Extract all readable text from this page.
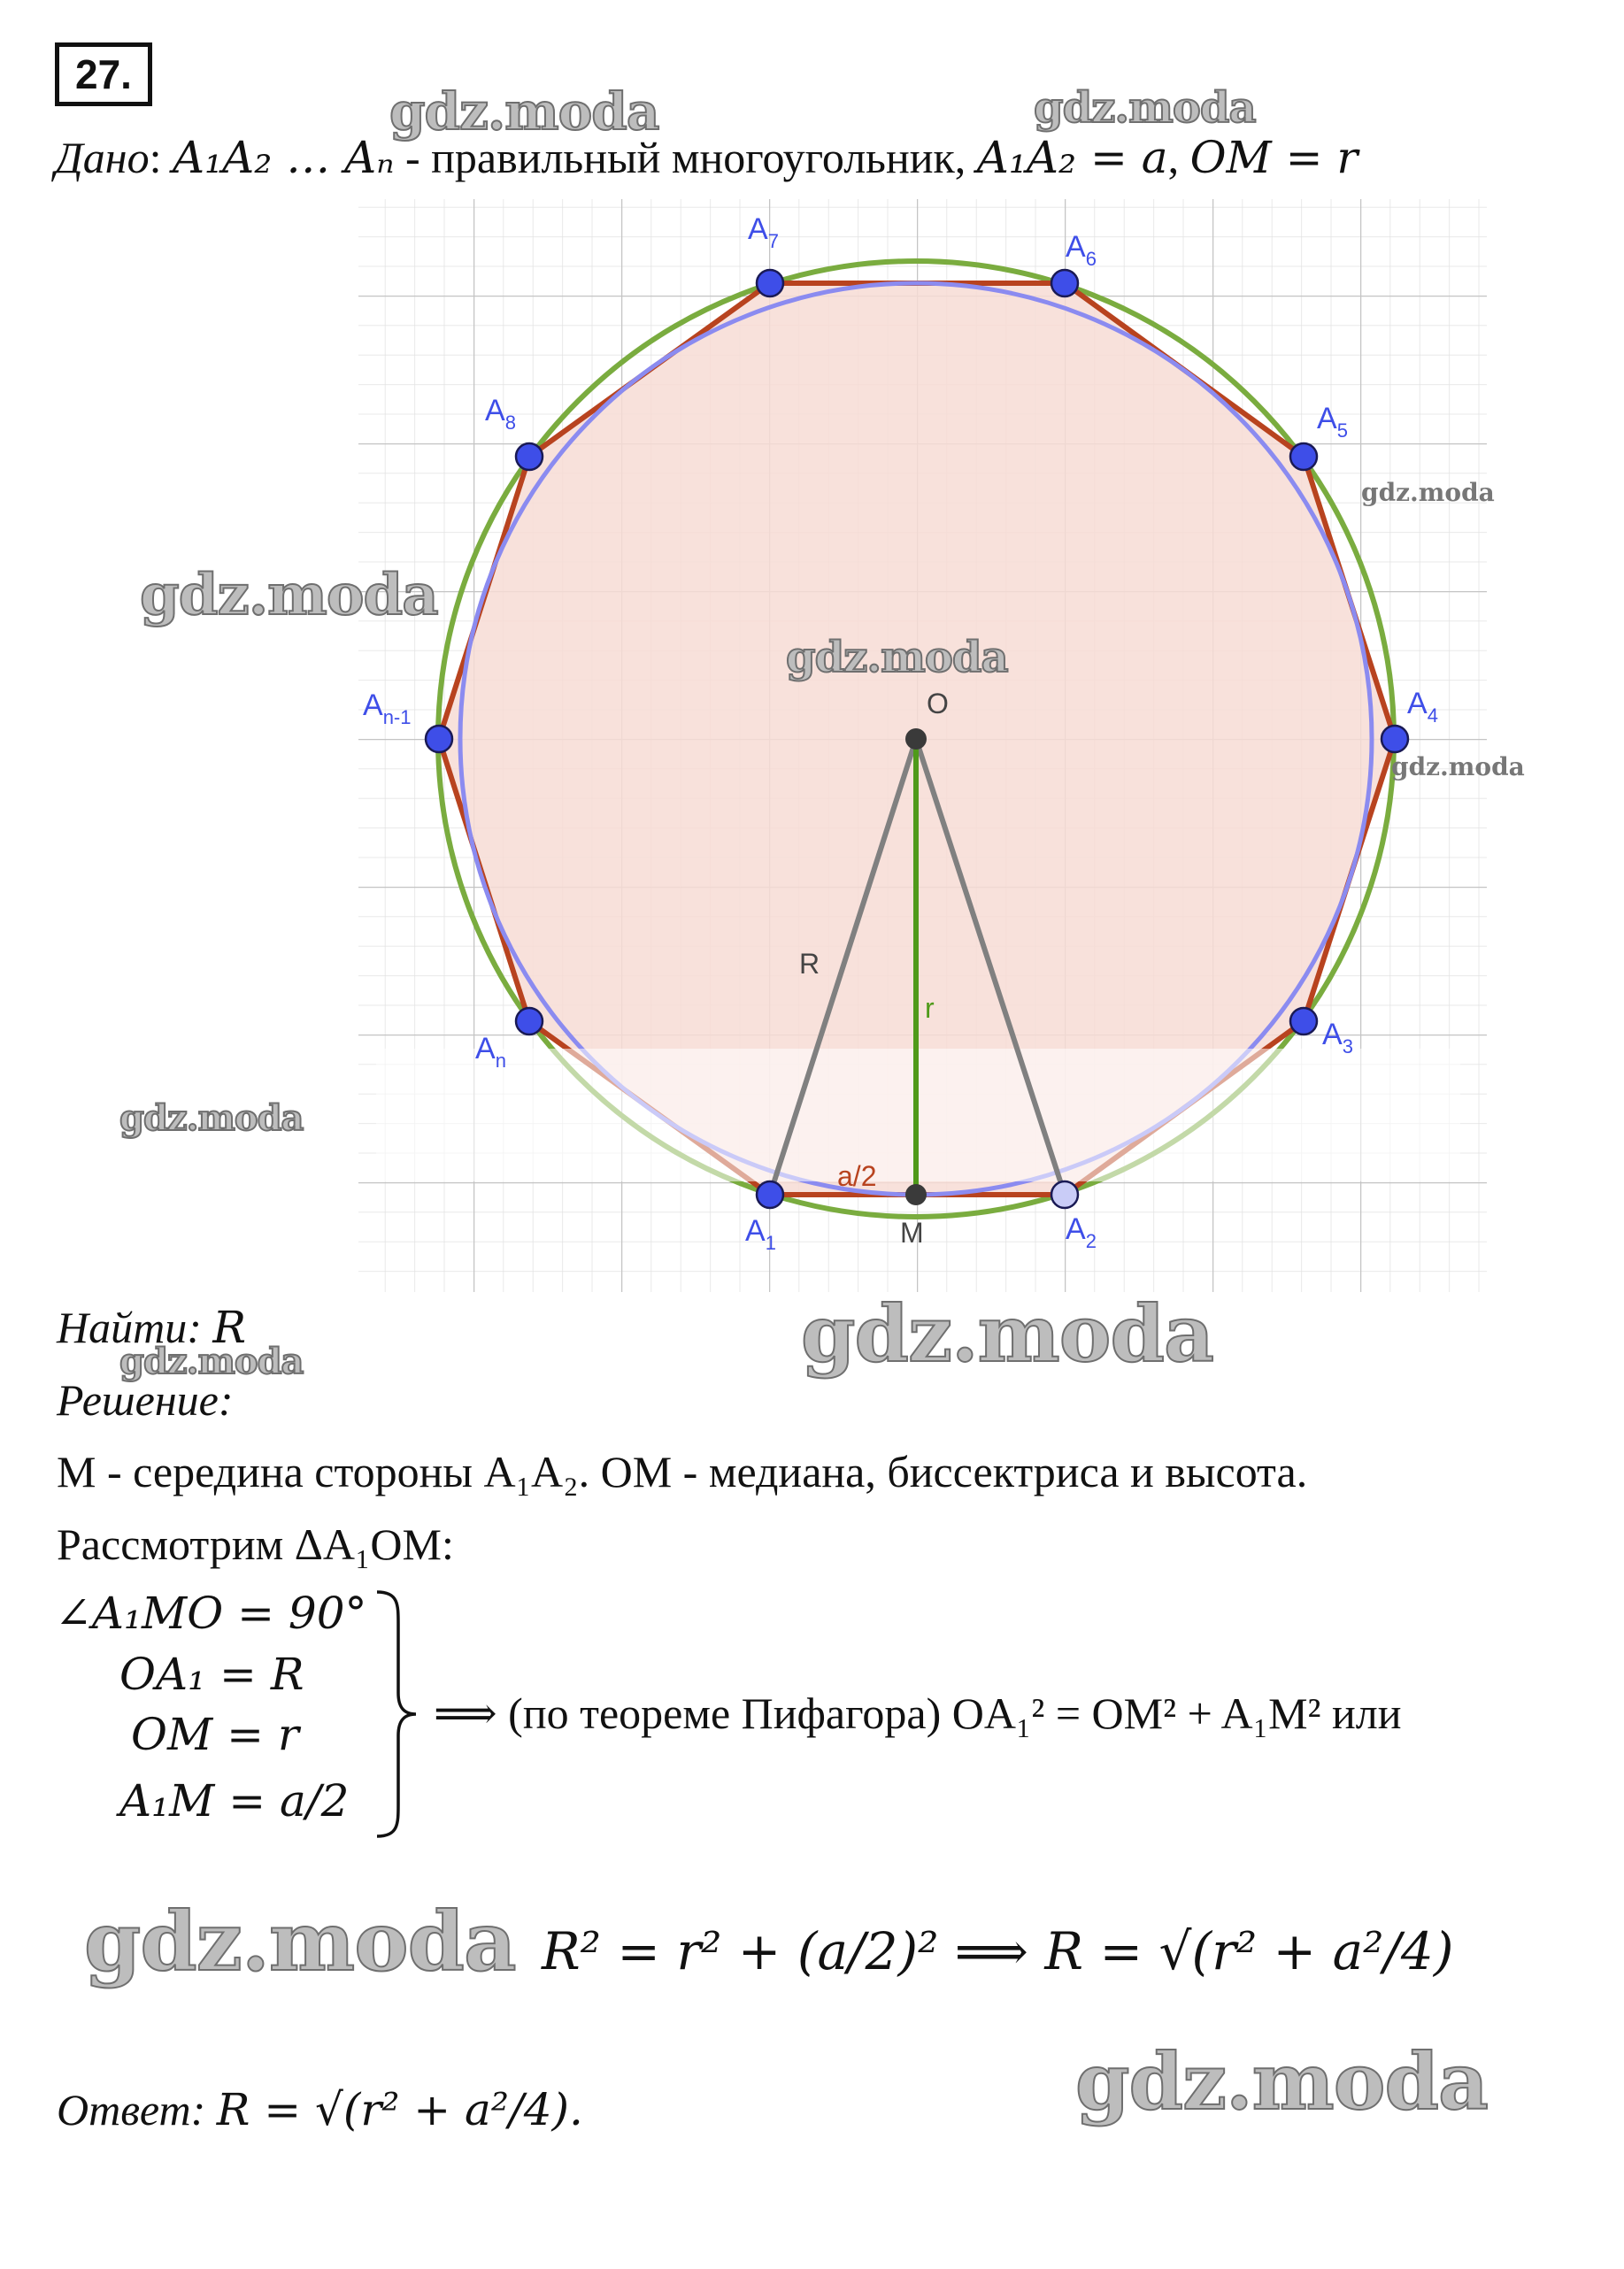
27.
gdz.moda	gdz.moda
Дано: A₁A₂ … Aₙ - правильный многоугольник, A₁A₂ = a, OM = r
$A_1$	$A_2$
$A_3$
$A_4$
$A_5$
$A_6$
$A_7$
$A_8$
$A_{n-1}$
$A_n$
O
M
R
r
a/2
gdz.moda
gdz.moda
gdz.moda
gdz.moda
gdz.moda
Найти: R
gdz.moda	gdz.moda
Решение:
M - середина стороны A₁A₂. OM - медиана, биссектриса и высота.
Рассмотрим ΔA₁OM:
∠A₁MO = 90°
OA₁ = R
OM = r
A₁M = a/2
⟹ (по теореме Пифагора) OA₁² = OM² + A₁M² или
gdz.moda R² = r² + (a/2)² ⟹ R = √(r² + a²/4)
gdz.moda
Ответ: R = √(r² + a²/4).
